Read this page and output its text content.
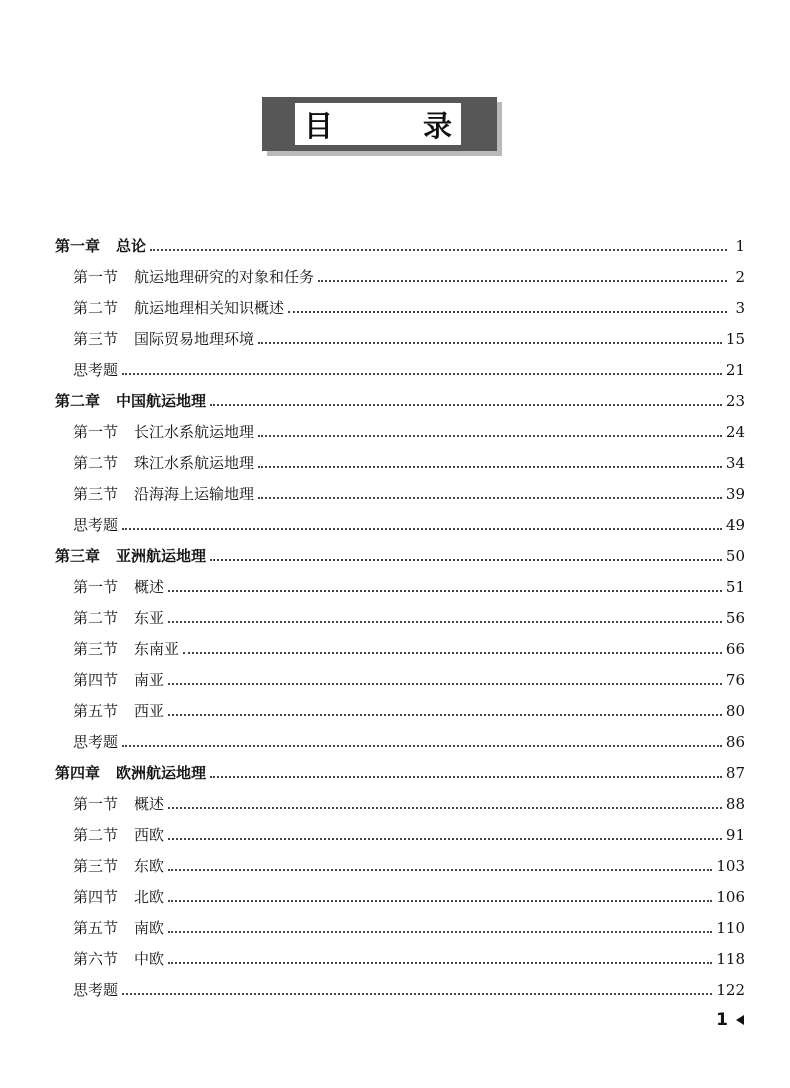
目 录
第一章 总论	1
第一节 航运地理研究的对象和任务	2
第二节 航运地理相关知识概述	3
第三节 国际贸易地理环境	15
思考题	21
第二章 中国航运地理	23
第一节 长江水系航运地理	24
第二节 珠江水系航运地理	34
第三节 沿海海上运输地理	39
思考题	49
第三章 亚洲航运地理	50
第一节 概述	51
第二节 东亚	56
第三节 东南亚	66
第四节 南亚	76
第五节 西亚	80
思考题	86
第四章 欧洲航运地理	87
第一节 概述	88
第二节 西欧	91
第三节 东欧	103
第四节 北欧	106
第五节 南欧	110
第六节 中欧	118
思考题	122
1
